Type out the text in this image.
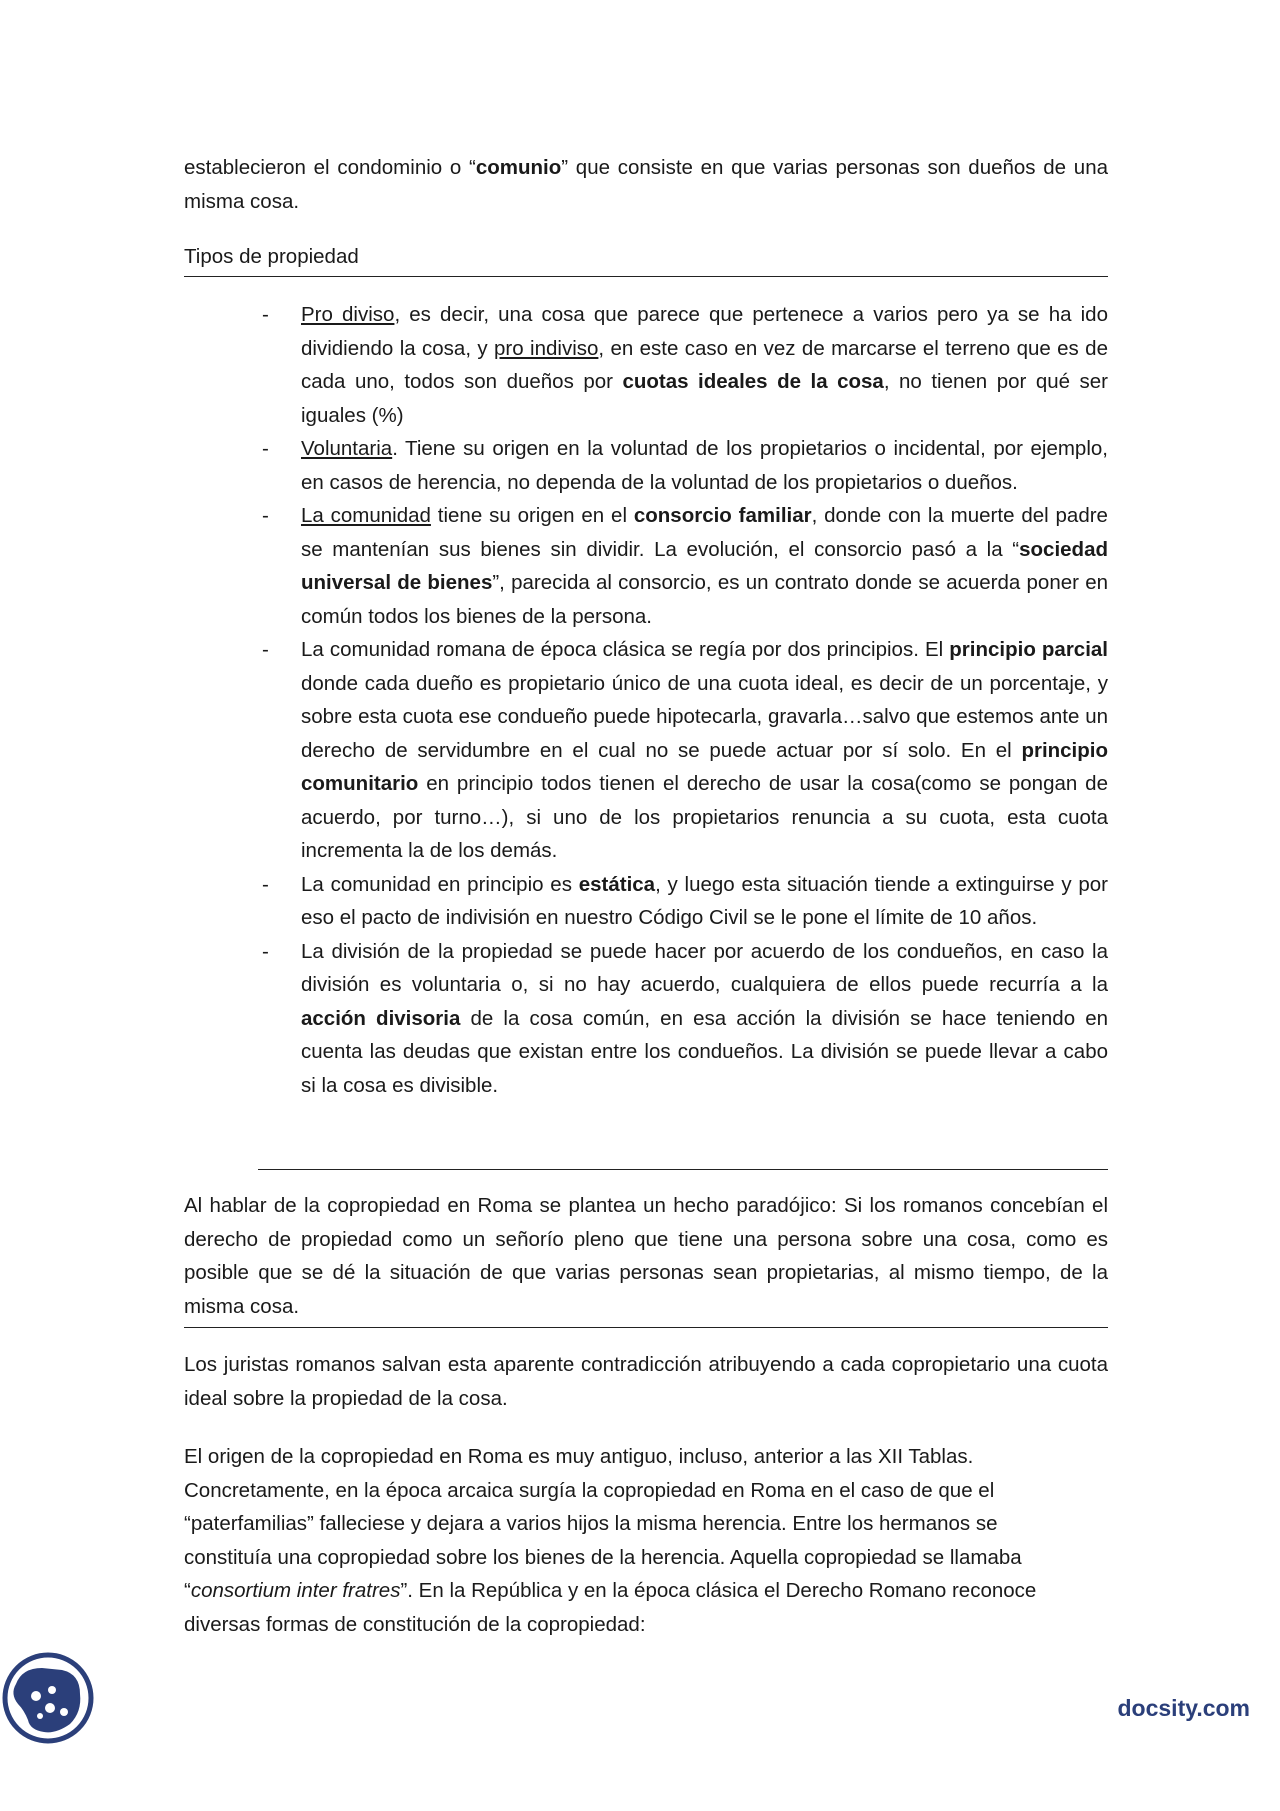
establecieron el condominio o “comunio” que consiste en que varias personas son dueños de una misma cosa.

Tipos de propiedad

- Pro diviso, es decir, una cosa que parece que pertenece a varios pero ya se ha ido dividiendo la cosa, y pro indiviso, en este caso en vez de marcarse el terreno que es de cada uno, todos son dueños por cuotas ideales de la cosa, no tienen por qué ser iguales (%)
- Voluntaria. Tiene su origen en la voluntad de los propietarios o incidental, por ejemplo, en casos de herencia, no dependa de la voluntad de los propietarios o dueños.
- La comunidad tiene su origen en el consorcio familiar, donde con la muerte del padre se mantenían sus bienes sin dividir. La evolución, el consorcio pasó a la “sociedad universal de bienes”, parecida al consorcio, es un contrato donde se acuerda poner en común todos los bienes de la persona.
- La comunidad romana de época clásica se regía por dos principios. El principio parcial donde cada dueño es propietario único de una cuota ideal, es decir de un porcentaje, y sobre esta cuota ese condueño puede hipotecarla, gravarla…salvo que estemos ante un derecho de servidumbre en el cual no se puede actuar por sí solo. En el principio comunitario en principio todos tienen el derecho de usar la cosa(como se pongan de acuerdo, por turno…), si uno de los propietarios renuncia a su cuota, esta cuota incrementa la de los demás.
- La comunidad en principio es estática, y luego esta situación tiende a extinguirse y por eso el pacto de indivisión en nuestro Código Civil se le pone el límite de 10 años.
- La división de la propiedad se puede hacer por acuerdo de los condueños, en caso la división es voluntaria o, si no hay acuerdo, cualquiera de ellos puede recurría a la acción divisoria de la cosa común, en esa acción la división se hace teniendo en cuenta las deudas que existan entre los condueños. La división se puede llevar a cabo si la cosa es divisible.

Al hablar de la copropiedad en Roma se plantea un hecho paradójico: Si los romanos concebían el derecho de propiedad como un señorío pleno que tiene una persona sobre una cosa, como es posible que se dé la situación de que varias personas sean propietarias, al mismo tiempo, de la misma cosa.

Los juristas romanos salvan esta aparente contradicción atribuyendo a cada copropietario una cuota ideal sobre la propiedad de la cosa.

El origen de la copropiedad en Roma es muy antiguo, incluso, anterior a las XII Tablas.
Concretamente, en la época arcaica surgía la copropiedad en Roma en el caso de que el
“paterfamilias” falleciese y dejara a varios hijos la misma herencia. Entre los hermanos se
constituía una copropiedad sobre los bienes de la herencia. Aquella copropiedad se llamaba
“consortium inter fratres”. En la República y en la época clásica el Derecho Romano reconoce
diversas formas de constitución de la copropiedad:

docsity.com
